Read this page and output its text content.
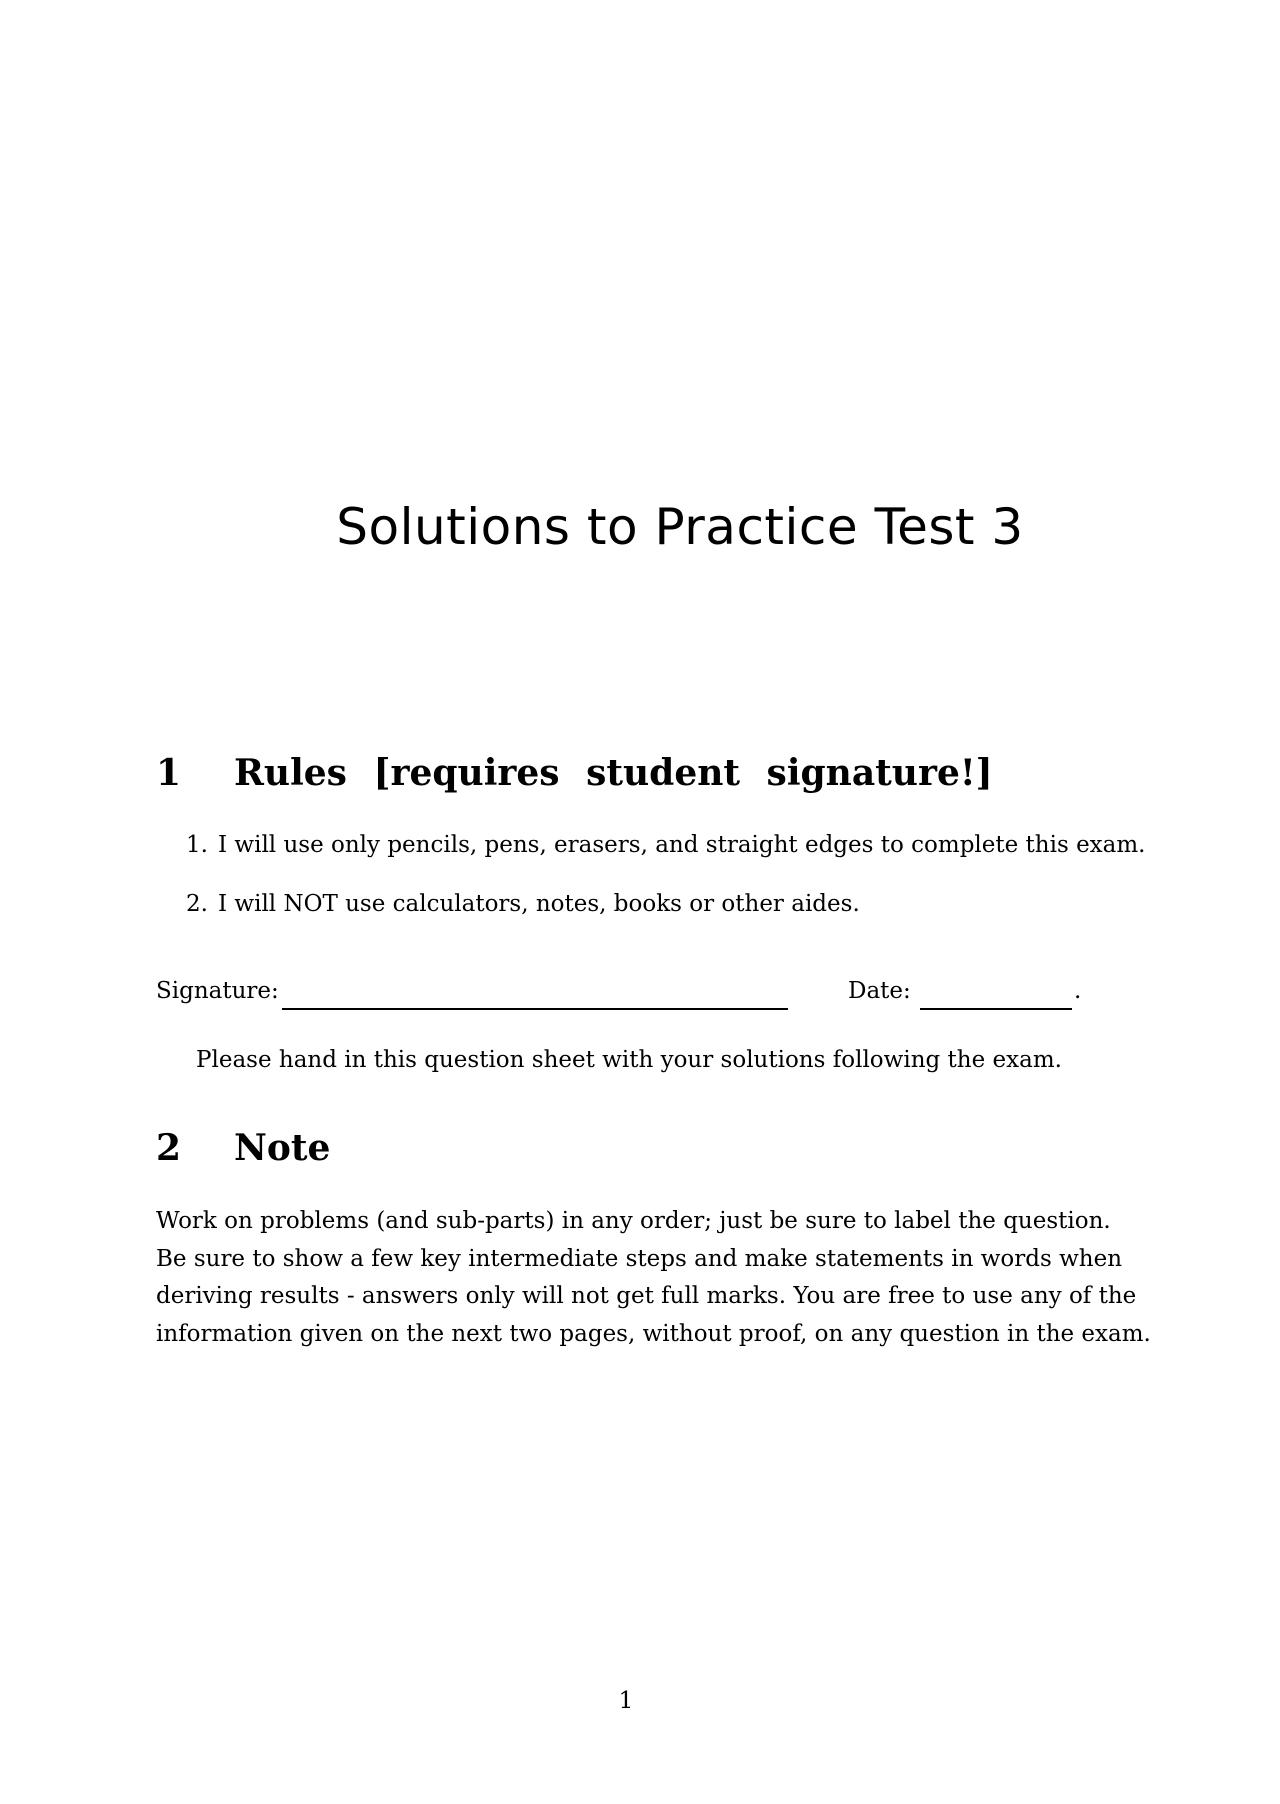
Solutions to Practice Test 3
1 Rules [requires student signature!]
1. I will use only pencils, pens, erasers, and straight edges to complete this exam.
2. I will NOT use calculators, notes, books or other aides.
Signature:	Date:	.
Please hand in this question sheet with your solutions following the exam.
2 Note
Work on problems (and sub-parts) in any order; just be sure to label the question.
Be sure to show a few key intermediate steps and make statements in words when
deriving results - answers only will not get full marks. You are free to use any of the
information given on the next two pages, without proof, on any question in the exam.
1
